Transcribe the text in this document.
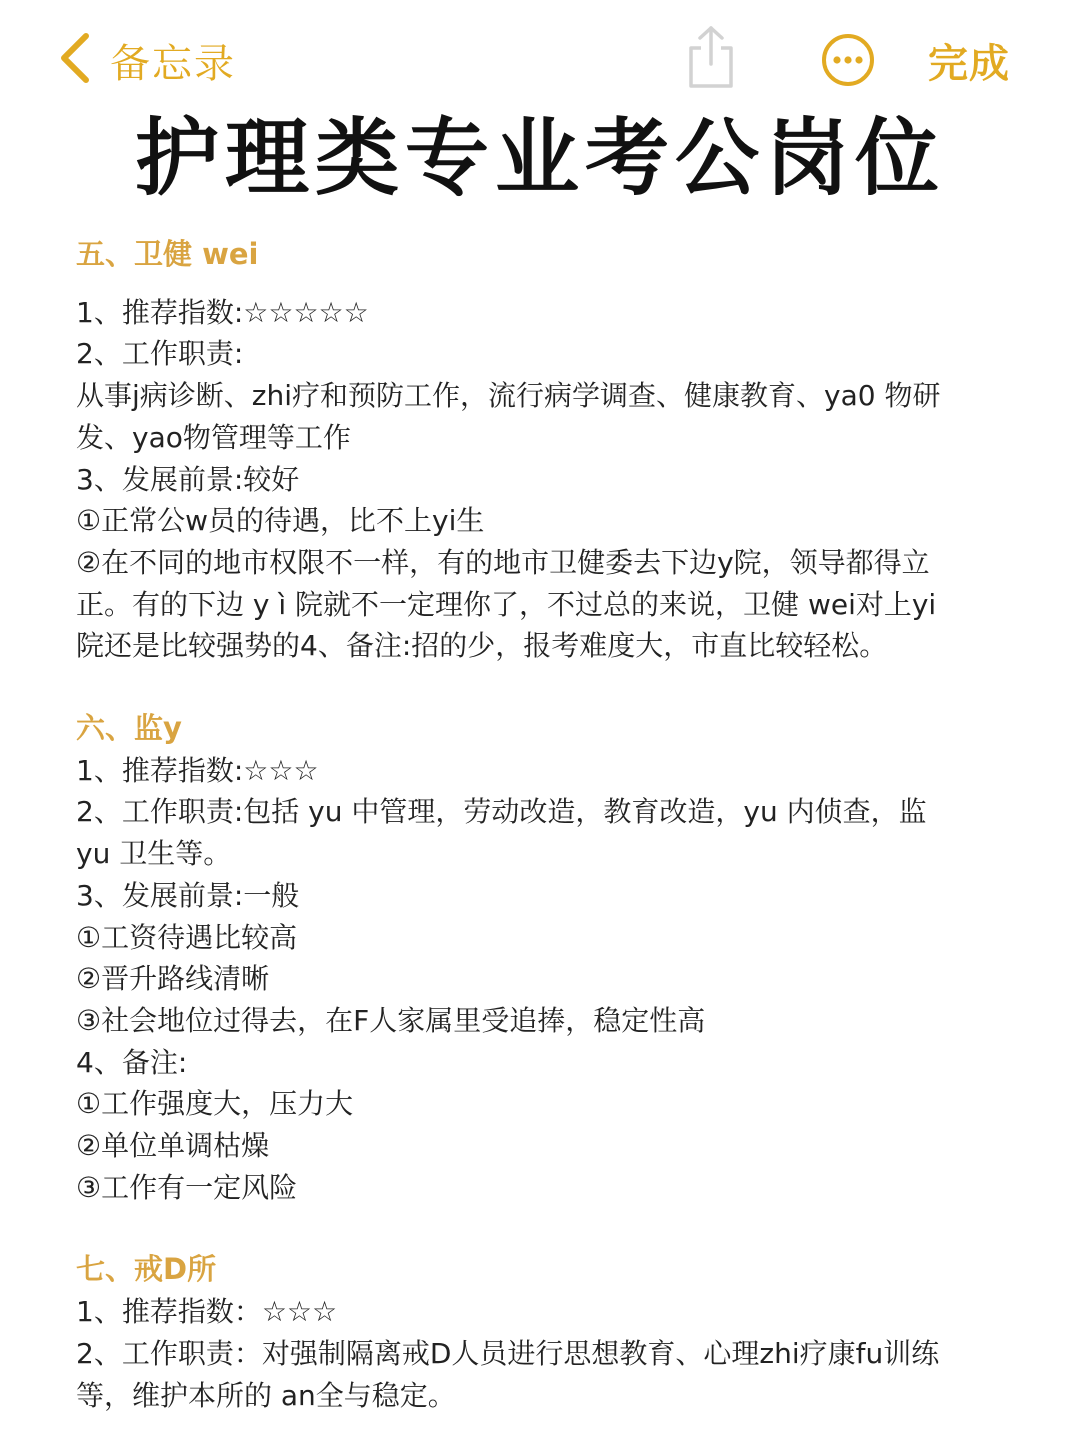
备忘录	完成
护理类专业考公岗位

五、卫健 wei

1、推荐指数:☆☆☆☆☆

2、工作职责:

从事j病诊断、zhi疗和预防工作，流行病学调查、健康教育、ya0 物研

发、yao物管理等工作

3、发展前景:较好

①正常公w员的待遇，比不上yi生

②在不同的地市权限不一样，有的地市卫健委去下边y院，领导都得立

正。有的下边 y ì 院就不一定理你了，不过总的来说，卫健 wei对上yi

院还是比较强势的4、备注:招的少，报考难度大，市直比较轻松。

六、监y

1、推荐指数:☆☆☆

2、工作职责:包括 yu 中管理，劳动改造，教育改造，yu 内侦查，监

yu 卫生等。

3、发展前景:一般

①工资待遇比较高

②晋升路线清晰

③社会地位过得去，在F人家属里受追捧，稳定性高

4、备注:

①工作强度大，压力大

②单位单调枯燥

③工作有一定风险

七、戒D所

1、推荐指数：☆☆☆

2、工作职责：对强制隔离戒D人员进行思想教育、心理zhi疗康fu训练

等，维护本所的 an全与稳定。
